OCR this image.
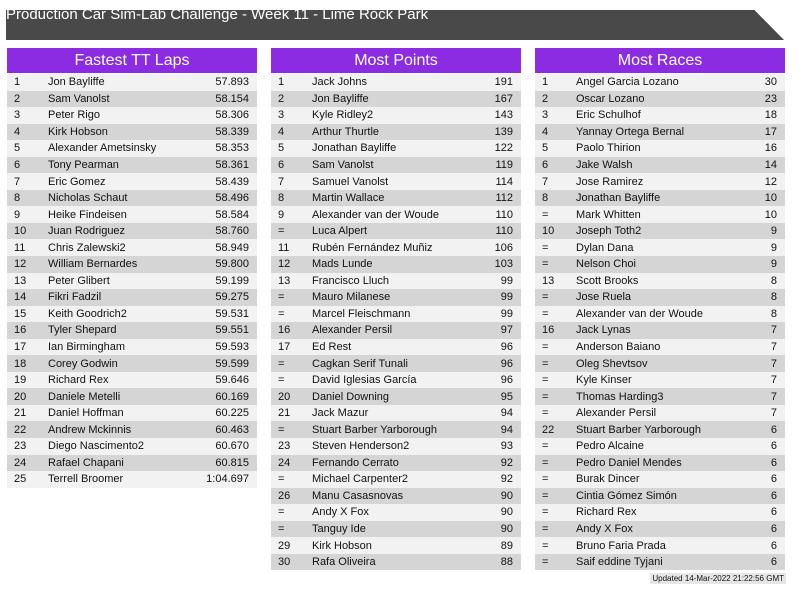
Production Car Sim-Lab Challenge - Week 11 - Lime Rock Park
Fastest TT Laps
1	Jon Bayliffe	57.893
2	Sam Vanolst	58.154
3	Peter Rigo	58.306
4	Kirk Hobson	58.339
5	Alexander Ametsinsky	58.353
6	Tony Pearman	58.361
7	Eric Gomez	58.439
8	Nicholas Schaut	58.496
9	Heike Findeisen	58.584
10	Juan Rodriguez	58.760
11	Chris Zalewski2	58.949
12	William Bernardes	59.800
13	Peter Glibert	59.199
14	Fikri Fadzil	59.275
15	Keith Goodrich2	59.531
16	Tyler Shepard	59.551
17	Ian Birmingham	59.593
18	Corey Godwin	59.599
19	Richard Rex	59.646
20	Daniele Metelli	60.169
21	Daniel Hoffman	60.225
22	Andrew Mckinnis	60.463
23	Diego Nascimento2	60.670
24	Rafael Chapani	60.815
25	Terrell Broomer	1:04.697
Most Points
1	Jack Johns	191
2	Jon Bayliffe	167
3	Kyle Ridley2	143
4	Arthur Thurtle	139
5	Jonathan Bayliffe	122
6	Sam Vanolst	119
7	Samuel Vanolst	114
8	Martin Wallace	112
9	Alexander van der Woude	110
=	Luca Alpert	110
11	Rubén Fernández Muñiz	106
12	Mads Lunde	103
13	Francisco Lluch	99
=	Mauro Milanese	99
=	Marcel Fleischmann	99
16	Alexander Persil	97
17	Ed Rest	96
=	Cagkan Serif Tunali	96
=	David Iglesias García	96
20	Daniel Downing	95
21	Jack Mazur	94
=	Stuart Barber Yarborough	94
23	Steven Henderson2	93
24	Fernando Cerrato	92
=	Michael Carpenter2	92
26	Manu Casasnovas	90
=	Andy X Fox	90
=	Tanguy Ide	90
29	Kirk Hobson	89
30	Rafa Oliveira	88
Most Races
1	Angel Garcia Lozano	30
2	Oscar Lozano	23
3	Eric Schulhof	18
4	Yannay Ortega Bernal	17
5	Paolo Thirion	16
6	Jake Walsh	14
7	Jose Ramirez	12
8	Jonathan Bayliffe	10
=	Mark Whitten	10
10	Joseph Toth2	9
=	Dylan Dana	9
=	Nelson Choi	9
13	Scott Brooks	8
=	Jose Ruela	8
=	Alexander van der Woude	8
16	Jack Lynas	7
=	Anderson Baiano	7
=	Oleg Shevtsov	7
=	Kyle Kinser	7
=	Thomas Harding3	7
=	Alexander Persil	7
22	Stuart Barber Yarborough	6
=	Pedro Alcaine	6
=	Pedro Daniel Mendes	6
=	Burak Dincer	6
=	Cintia Gómez Simón	6
=	Richard Rex	6
=	Andy X Fox	6
=	Bruno Faria Prada	6
=	Saif eddine Tyjani	6
Updated 14-Mar-2022 21:22:56 GMT
